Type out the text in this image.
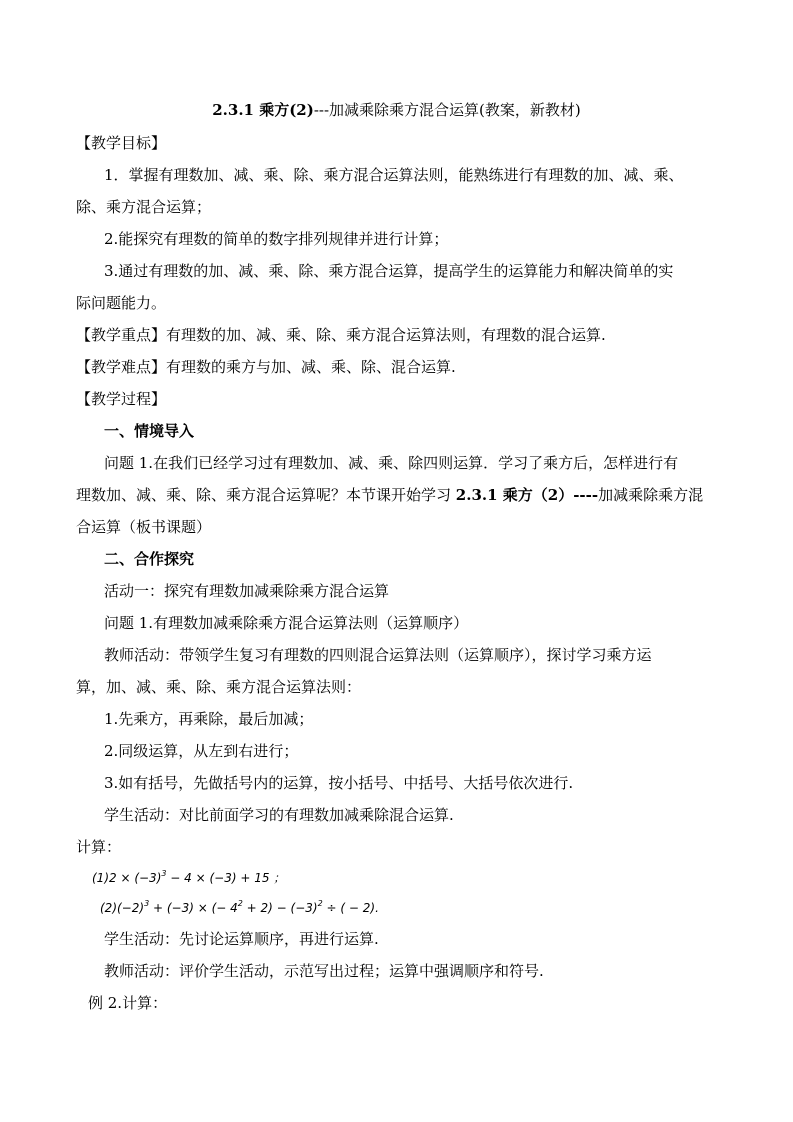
2.3.1 乘方(2)---加减乘除乘方混合运算(教案，新教材)
【教学目标】
1．掌握有理数加、减、乘、除、乘方混合运算法则，能熟练进行有理数的加、减、乘、
除、乘方混合运算；
2.能探究有理数的简单的数字排列规律并进行计算；
3.通过有理数的加、减、乘、除、乘方混合运算，提高学生的运算能力和解决简单的实
际问题能力。
【教学重点】有理数的加、减、乘、除、乘方混合运算法则，有理数的混合运算.
【教学难点】有理数的乘方与加、减、乘、除、混合运算.
【教学过程】
一、情境导入
问题 1.在我们已经学习过有理数加、减、乘、除四则运算．学习了乘方后，怎样进行有
理数加、减、乘、除、乘方混合运算呢？本节课开始学习 2.3.1 乘方（2）----加减乘除乘方混
合运算（板书课题）
二、合作探究
活动一：探究有理数加减乘除乘方混合运算
问题 1.有理数加减乘除乘方混合运算法则（运算顺序）
教师活动：带领学生复习有理数的四则混合运算法则（运算顺序），探讨学习乘方运
算，加、减、乘、除、乘方混合运算法则：
1.先乘方，再乘除，最后加减；
2.同级运算，从左到右进行；
3.如有括号，先做括号内的运算，按小括号、中括号、大括号依次进行.
学生活动：对比前面学习的有理数加减乘除混合运算.
计算：
$(1)2 \times (-3)^3 - 4 \times (-3) + 15$ ；
$(2)(-2)^3 + (-3)$ × (− $4^2 + 2) - (-3)^2$ ÷ ( − 2).
学生活动：先讨论运算顺序，再进行运算.
教师活动：评价学生活动，示范写出过程；运算中强调顺序和符号.
例 2.计算：
